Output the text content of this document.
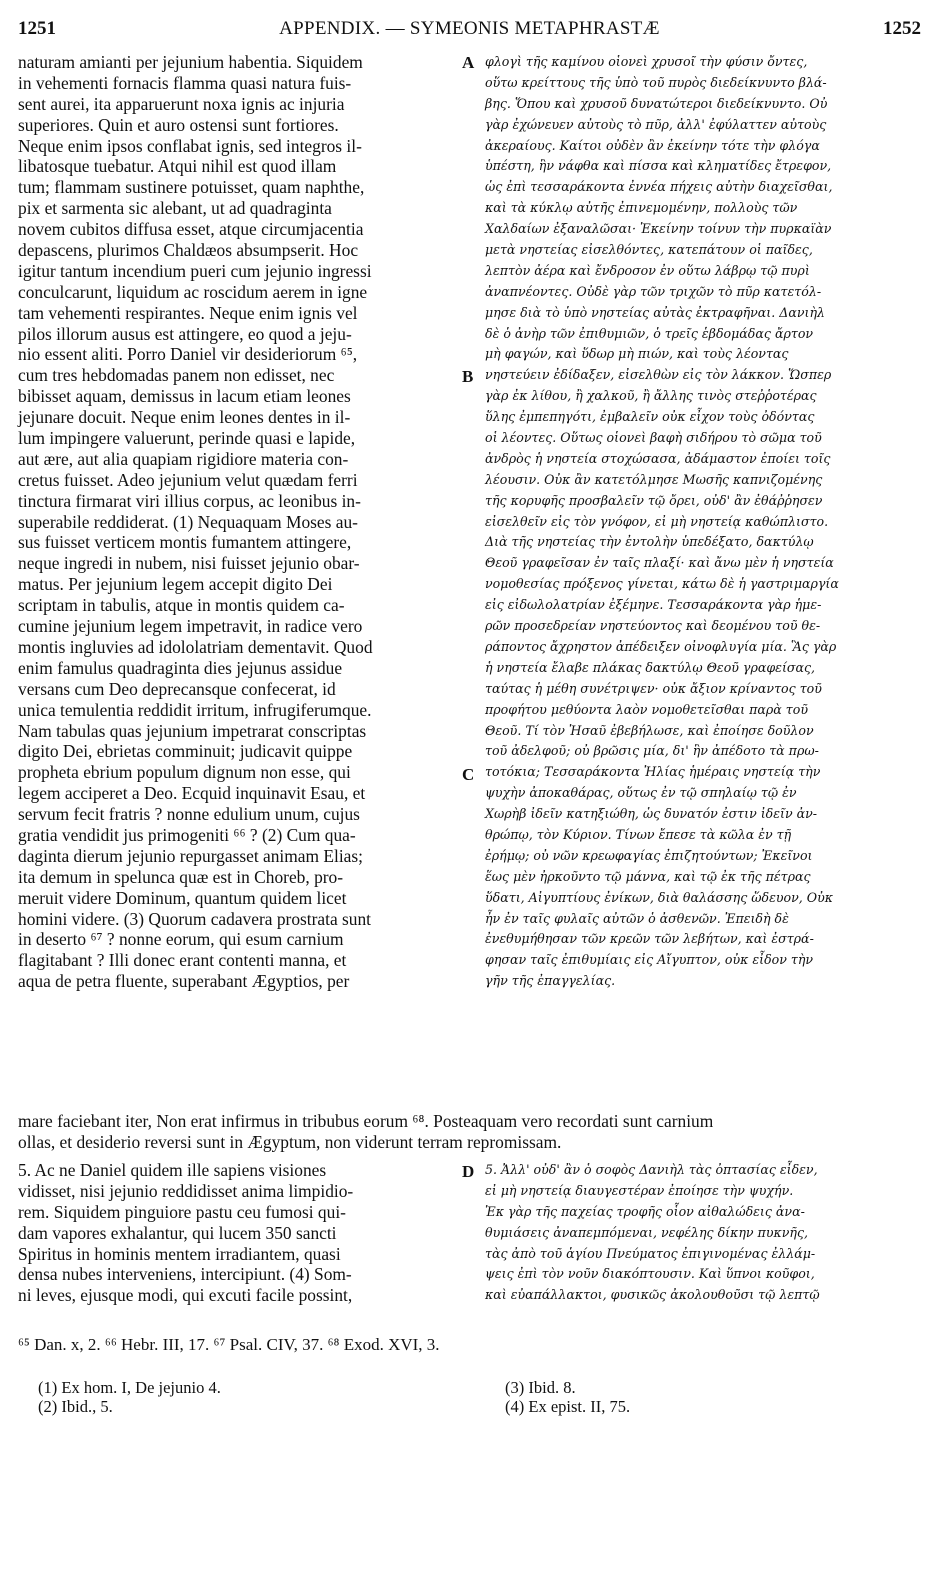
1251	APPENDIX. — SYMEONIS METAPHRASTÆ	1252
naturam amianti per jejunium habentia. Siquidem
in vehementi fornacis flamma quasi natura fuis-
sent aurei, ita apparuerunt noxa ignis ac injuria
superiores. Quin et auro ostensi sunt fortiores.
Neque enim ipsos conflabat ignis, sed integros il-
libatosque tuebatur. Atqui nihil est quod illam
tum; flammam sustinere potuisset, quam naphthe,
pix et sarmenta sic alebant, ut ad quadraginta
novem cubitos diffusa esset, atque circumjacentia
depascens, plurimos Chaldæos absumpserit. Hoc
igitur tantum incendium pueri cum jejunio ingressi
conculcarunt, liquidum ac roscidum aerem in igne
tam vehementi respirantes. Neque enim ignis vel
pilos illorum ausus est attingere, eo quod a jeju-
nio essent aliti. Porro Daniel vir desideriorum ⁶⁵,
cum tres hebdomadas panem non edisset, nec
bibisset aquam, demissus in lacum etiam leones
jejunare docuit. Neque enim leones dentes in il-
lum impingere valuerunt, perinde quasi e lapide,
aut ære, aut alia quapiam rigidiore materia con-
cretus fuisset. Adeo jejunium velut quædam ferri
tinctura firmarat viri illius corpus, ac leonibus in-
superabile reddiderat. (1) Nequaquam Moses au-
sus fuisset verticem montis fumantem attingere,
neque ingredi in nubem, nisi fuisset jejunio obar-
matus. Per jejunium legem accepit digito Dei
scriptam in tabulis, atque in montis quidem ca-
cumine jejunium legem impetravit, in radice vero
montis ingluvies ad idololatriam dementavit. Quod
enim famulus quadraginta dies jejunus assidue
versans cum Deo deprecansque confecerat, id
unica temulentia reddidit irritum, infrugiferumque.
Nam tabulas quas jejunium impetrarat conscriptas
digito Dei, ebrietas comminuit; judicavit quippe
propheta ebrium populum dignum non esse, qui
legem acciperet a Deo. Ecquid inquinavit Esau, et
servum fecit fratris ? nonne edulium unum, cujus
gratia vendidit jus primogeniti ⁶⁶ ? (2) Cum qua-
daginta dierum jejunio repurgasset animam Elias;
ita demum in spelunca quæ est in Choreb, pro-
meruit videre Dominum, quantum quidem licet
homini videre. (3) Quorum cadavera prostrata sunt
in deserto ⁶⁷ ? nonne eorum, qui esum carnium
flagitabant ? Illi donec erant contenti manna, et
aqua de petra fluente, superabant Ægyptios, per
φλογὶ τῆς καμίνου οἱονεὶ χρυσοῖ τὴν φύσιν ὄντες,
οὕτω κρείττους τῆς ὑπὸ τοῦ πυρὸς διεδείκνυντο βλά-
βης. Ὅπου καὶ χρυσοῦ δυνατώτεροι διεδείκνυντο. Οὐ
γὰρ ἐχώνευεν αὐτοὺς τὸ πῦρ, ἀλλ' ἐφύλαττεν αὐτοὺς
ἀκεραίους. Καίτοι οὐδὲν ἂν ἐκείνην τότε τὴν φλόγα
ὑπέστη, ἣν νάφθα καὶ πίσσα καὶ κληματίδες ἔτρεφον,
ὡς ἐπὶ τεσσαράκοντα ἐννέα πήχεις αὐτὴν διαχεῖσθαι,
καὶ τὰ κύκλῳ αὐτῆς ἐπινεμομένην, πολλοὺς τῶν
Χαλδαίων ἐξαναλῶσαι· Ἐκείνην τοίνυν τὴν πυρκαϊὰν
μετὰ νηστείας εἰσελθόντες, κατεπάτουν οἱ παῖδες,
λεπτὸν ἀέρα καὶ ἔνδροσον ἐν οὕτω λάβρῳ τῷ πυρὶ
ἀναπνέοντες. Οὐδὲ γὰρ τῶν τριχῶν τὸ πῦρ κατετόλ-
μησε διὰ τὸ ὑπὸ νηστείας αὐτὰς ἐκτραφῆναι. Δανιὴλ
δὲ ὁ ἀνὴρ τῶν ἐπιθυμιῶν, ὁ τρεῖς ἑβδομάδας ἄρτον
μὴ φαγών, καὶ ὕδωρ μὴ πιών, καὶ τοὺς λέοντας
νηστεύειν ἐδίδαξεν, εἰσελθὼν εἰς τὸν λάκκον. Ὥσπερ
γὰρ ἐκ λίθου, ἢ χαλκοῦ, ἢ ἄλλης τινὸς στεῤῥοτέρας
ὕλης ἐμπεπηγότι, ἐμβαλεῖν οὐκ εἶχον τοὺς ὀδόντας
οἱ λέοντες. Οὕτως οἱονεὶ βαφὴ σιδήρου τὸ σῶμα τοῦ
ἀνδρὸς ἡ νηστεία στοχώσασα, ἀδάμαστον ἐποίει τοῖς
λέουσιν. Οὐκ ἂν κατετόλμησε Μωσῆς καπνιζομένης
τῆς κορυφῆς προσβαλεῖν τῷ ὄρει, οὐδ' ἂν ἐθάῤῥησεν
εἰσελθεῖν εἰς τὸν γνόφον, εἰ μὴ νηστείᾳ καθώπλιστο.
Διὰ τῆς νηστείας τὴν ἐντολὴν ὑπεδέξατο, δακτύλῳ
Θεοῦ γραφεῖσαν ἐν ταῖς πλαξί· καὶ ἄνω μὲν ἡ νηστεία
νομοθεσίας πρόξενος γίνεται, κάτω δὲ ἡ γαστριμαργία
εἰς εἰδωλολατρίαν ἐξέμηνε. Τεσσαράκοντα γὰρ ἡμε-
ρῶν προσεδρείαν νηστεύοντος καὶ δεομένου τοῦ θε-
ράποντος ἄχρηστον ἀπέδειξεν οἰνοφλυγία μία. Ἃς γὰρ
ἡ νηστεία ἔλαβε πλάκας δακτύλῳ Θεοῦ γραφείσας,
ταύτας ἡ μέθη συνέτριψεν· οὐκ ἄξιον κρίναντος τοῦ
προφήτου μεθύοντα λαὸν νομοθετεῖσθαι παρὰ τοῦ
Θεοῦ. Τί τὸν Ἠσαῦ ἐβεβήλωσε, καὶ ἐποίησε δοῦλον
τοῦ ἀδελφοῦ; οὐ βρῶσις μία, δι' ἣν ἀπέδοτο τὰ πρω-
τοτόκια; Τεσσαράκοντα Ἠλίας ἡμέραις νηστείᾳ τὴν
ψυχὴν ἀποκαθάρας, οὕτως ἐν τῷ σπηλαίῳ τῷ ἐν
Χωρὴβ ἰδεῖν κατηξιώθη, ὡς δυνατόν ἐστιν ἰδεῖν ἀν-
θρώπῳ, τὸν Κύριον. Τίνων ἔπεσε τὰ κῶλα ἐν τῇ
ἐρήμῳ; οὐ νῶν κρεωφαγίας ἐπιζητούντων; Ἐκεῖνοι
ἕως μὲν ἠρκοῦντο τῷ μάννα, καὶ τῷ ἐκ τῆς πέτρας
ὕδατι, Αἰγυπτίους ἐνίκων, διὰ θαλάσσης ὥδευον, Οὐκ
ἦν ἐν ταῖς φυλαῖς αὐτῶν ὁ ἀσθενῶν. Ἐπειδὴ δὲ
ἐνεθυμήθησαν τῶν κρεῶν τῶν λεβήτων, καὶ ἐστρά-
φησαν ταῖς ἐπιθυμίαις εἰς Αἴγυπτον, οὐκ εἶδον τὴν
γῆν τῆς ἐπαγγελίας.
A
B
C
D
mare faciebant iter, Non erat infirmus in tribubus eorum ⁶⁸. Posteaquam vero recordati sunt carnium
ollas, et desiderio reversi sunt in Ægyptum, non viderunt terram repromissam.
5. Ac ne Daniel quidem ille sapiens visiones
vidisset, nisi jejunio reddidisset anima limpidio-
rem. Siquidem pinguiore pastu ceu fumosi qui-
dam vapores exhalantur, qui lucem 350 sancti
Spiritus in hominis mentem irradiantem, quasi
densa nubes interveniens, intercipiunt. (4) Som-
ni leves, ejusque modi, qui excuti facile possint,
5. Ἀλλ' οὐδ' ἂν ὁ σοφὸς Δανιὴλ τὰς ὀπτασίας εἶδεν,
εἰ μὴ νηστείᾳ διαυγεστέραν ἐποίησε τὴν ψυχήν.
Ἐκ γὰρ τῆς παχείας τροφῆς οἷον αἰθαλώδεις ἀνα-
θυμιάσεις ἀναπεμπόμεναι, νεφέλης δίκην πυκνῆς,
τὰς ἀπὸ τοῦ ἁγίου Πνεύματος ἐπιγινομένας ἐλλάμ-
ψεις ἐπὶ τὸν νοῦν διακόπτουσιν. Καὶ ὕπνοι κοῦφοι,
καὶ εὐαπάλλακτοι, φυσικῶς ἀκολουθοῦσι τῷ λεπτῷ
⁶⁵ Dan. x, 2. ⁶⁶ Hebr. III, 17. ⁶⁷ Psal. CIV, 37. ⁶⁸ Exod. XVI, 3.
(1) Ex hom. I, De jejunio 4.
(2) Ibid., 5.
(3) Ibid. 8.
(4) Ex epist. II, 75.
